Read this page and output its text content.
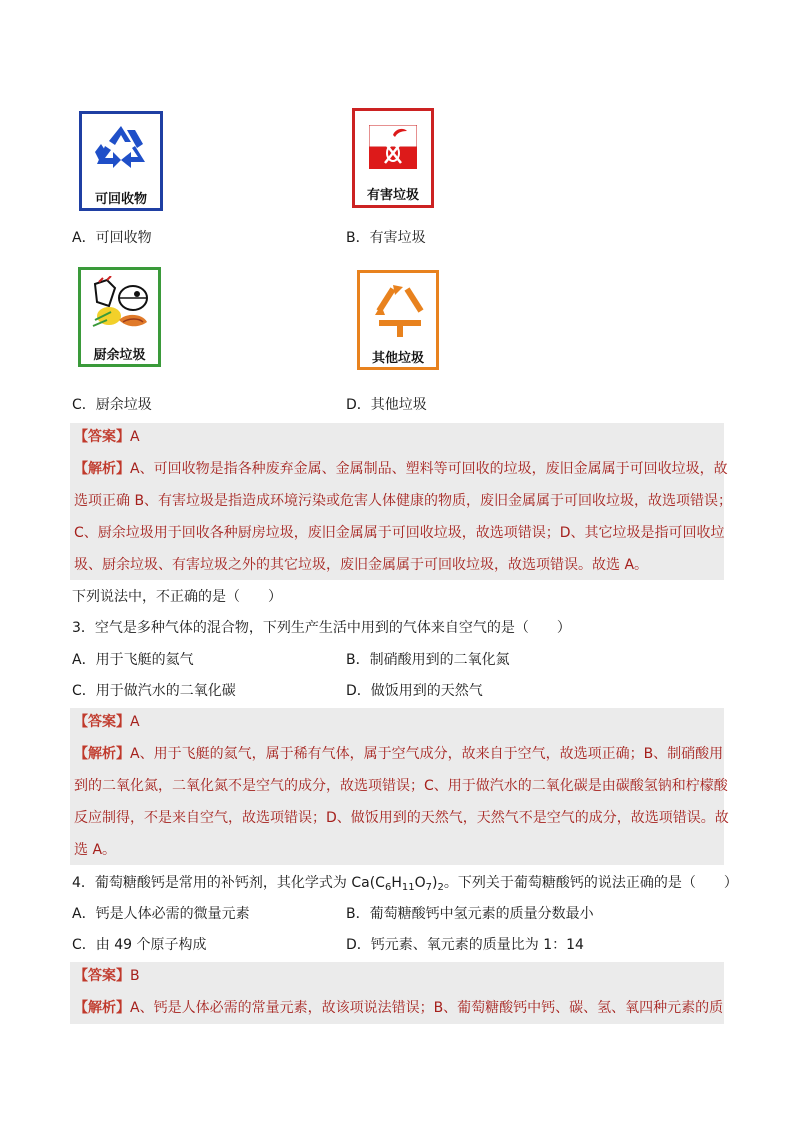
可回收物	有害垃圾
A．可回收物	B．有害垃圾
厨余垃圾	其他垃圾
C．厨余垃圾	D．其他垃圾
【答案】A
【解析】A、可回收物是指各种废弃金属、金属制品、塑料等可回收的垃圾，废旧金属属于可回收垃圾，故
选项正确 B、有害垃圾是指造成环境污染或危害人体健康的物质，废旧金属属于可回收垃圾，故选项错误；
C、厨余垃圾用于回收各种厨房垃圾，废旧金属属于可回收垃圾，故选项错误；D、其它垃圾是指可回收垃
圾、厨余垃圾、有害垃圾之外的其它垃圾，废旧金属属于可回收垃圾，故选项错误。故选 A。
下列说法中，不正确的是（　　）
3．空气是多种气体的混合物，下列生产生活中用到的气体来自空气的是（　　）
A．用于飞艇的氦气	B．制硝酸用到的二氧化氮
C．用于做汽水的二氧化碳	D．做饭用到的天然气
【答案】A
【解析】A、用于飞艇的氦气，属于稀有气体，属于空气成分，故来自于空气，故选项正确；B、制硝酸用
到的二氧化氮，二氧化氮不是空气的成分，故选项错误；C、用于做汽水的二氧化碳是由碳酸氢钠和柠檬酸
反应制得，不是来自空气，故选项错误；D、做饭用到的天然气，天然气不是空气的成分，故选项错误。故
选 A。
4．葡萄糖酸钙是常用的补钙剂，其化学式为 $Ca(C_6H_{11}O_7)_2$。下列关于葡萄糖酸钙的说法正确的是（　　）
A．钙是人体必需的微量元素	B．葡萄糖酸钙中氢元素的质量分数最小
C．由 49 个原子构成	D．钙元素、氧元素的质量比为 1：14
【答案】B
【解析】A、钙是人体必需的常量元素，故该项说法错误；B、葡萄糖酸钙中钙、碳、氢、氧四种元素的质
